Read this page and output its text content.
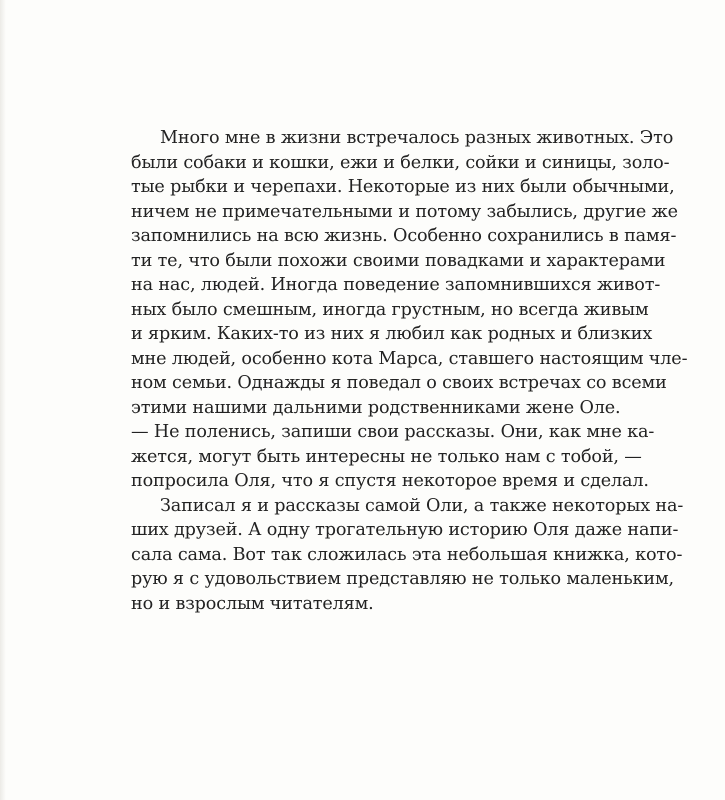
Много мне в жизни встречалось разных животных. Это
были собаки и кошки, ежи и белки, сойки и синицы, золо-
тые рыбки и черепахи. Некоторые из них были обычными,
ничем не примечательными и потому забылись, другие же
запомнились на всю жизнь. Особенно сохранились в памя-
ти те, что были похожи своими повадками и характерами
на нас, людей. Иногда поведение запомнившихся живот-
ных было смешным, иногда грустным, но всегда живым
и ярким. Каких-то из них я любил как родных и близких
мне людей, особенно кота Марса, ставшего настоящим чле-
ном семьи. Однажды я поведал о своих встречах со всеми
этими нашими дальними родственниками жене Оле.
— Не поленись, запиши свои рассказы. Они, как мне ка-
жется, могут быть интересны не только нам с тобой, —
попросила Оля, что я спустя некоторое время и сделал.
Записал я и рассказы самой Оли, а также некоторых на-
ших друзей. А одну трогательную историю Оля даже напи-
сала сама. Вот так сложилась эта небольшая книжка, кото-
рую я с удовольствием представляю не только маленьким,
но и взрослым читателям.
